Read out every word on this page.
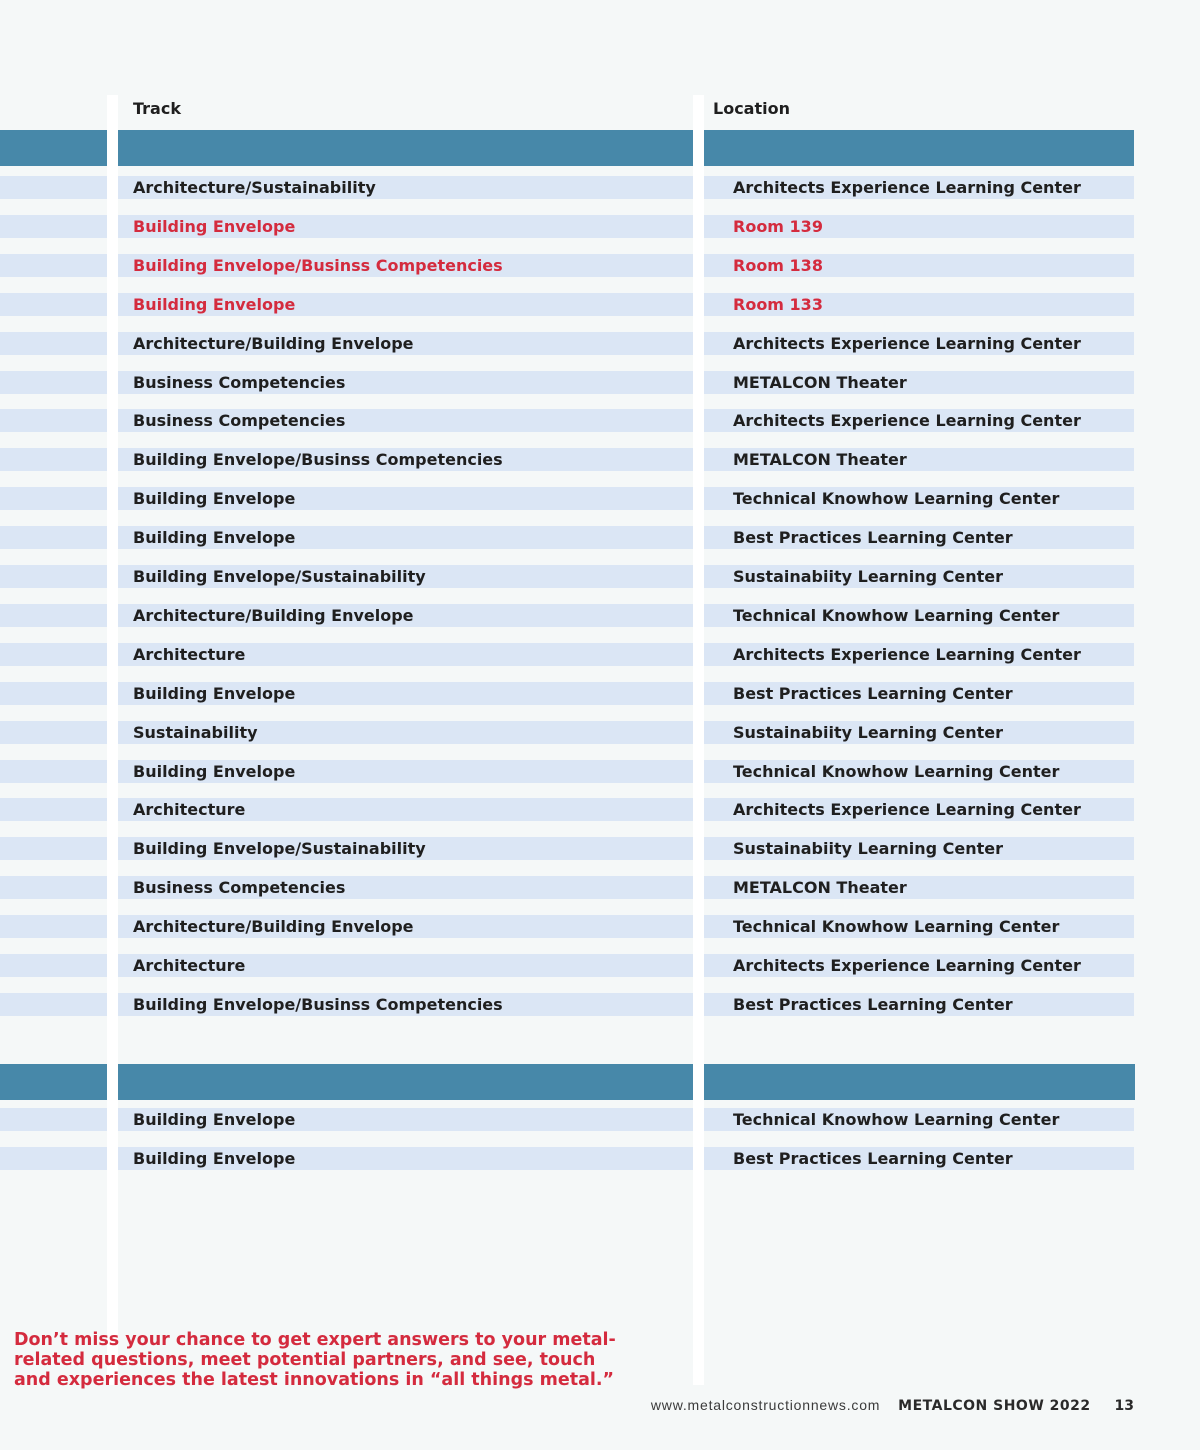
Track	Location
Architecture/Sustainability	Architects Experience Learning Center
Building Envelope	Room 139
Building Envelope/Businss Competencies	Room 138
Building Envelope	Room 133
Architecture/Building Envelope	Architects Experience Learning Center
Business Competencies	METALCON Theater
Business Competencies	Architects Experience Learning Center
Building Envelope/Businss Competencies	METALCON Theater
Building Envelope	Technical Knowhow Learning Center
Building Envelope	Best Practices Learning Center
Building Envelope/Sustainability	Sustainabiity Learning Center
Architecture/Building Envelope	Technical Knowhow Learning Center
Architecture	Architects Experience Learning Center
Building Envelope	Best Practices Learning Center
Sustainability	Sustainabiity Learning Center
Building Envelope	Technical Knowhow Learning Center
Architecture	Architects Experience Learning Center
Building Envelope/Sustainability	Sustainabiity Learning Center
Business Competencies	METALCON Theater
Architecture/Building Envelope	Technical Knowhow Learning Center
Architecture	Architects Experience Learning Center
Building Envelope/Businss Competencies	Best Practices Learning Center
Building Envelope	Technical Knowhow Learning Center
Building Envelope	Best Practices Learning Center

Don’t miss your chance to get expert answers to your metal-
related questions, meet potential partners, and see, touch
and experiences the latest innovations in “all things metal.”

www.metalconstructionnews.com METALCON SHOW 2022 13
